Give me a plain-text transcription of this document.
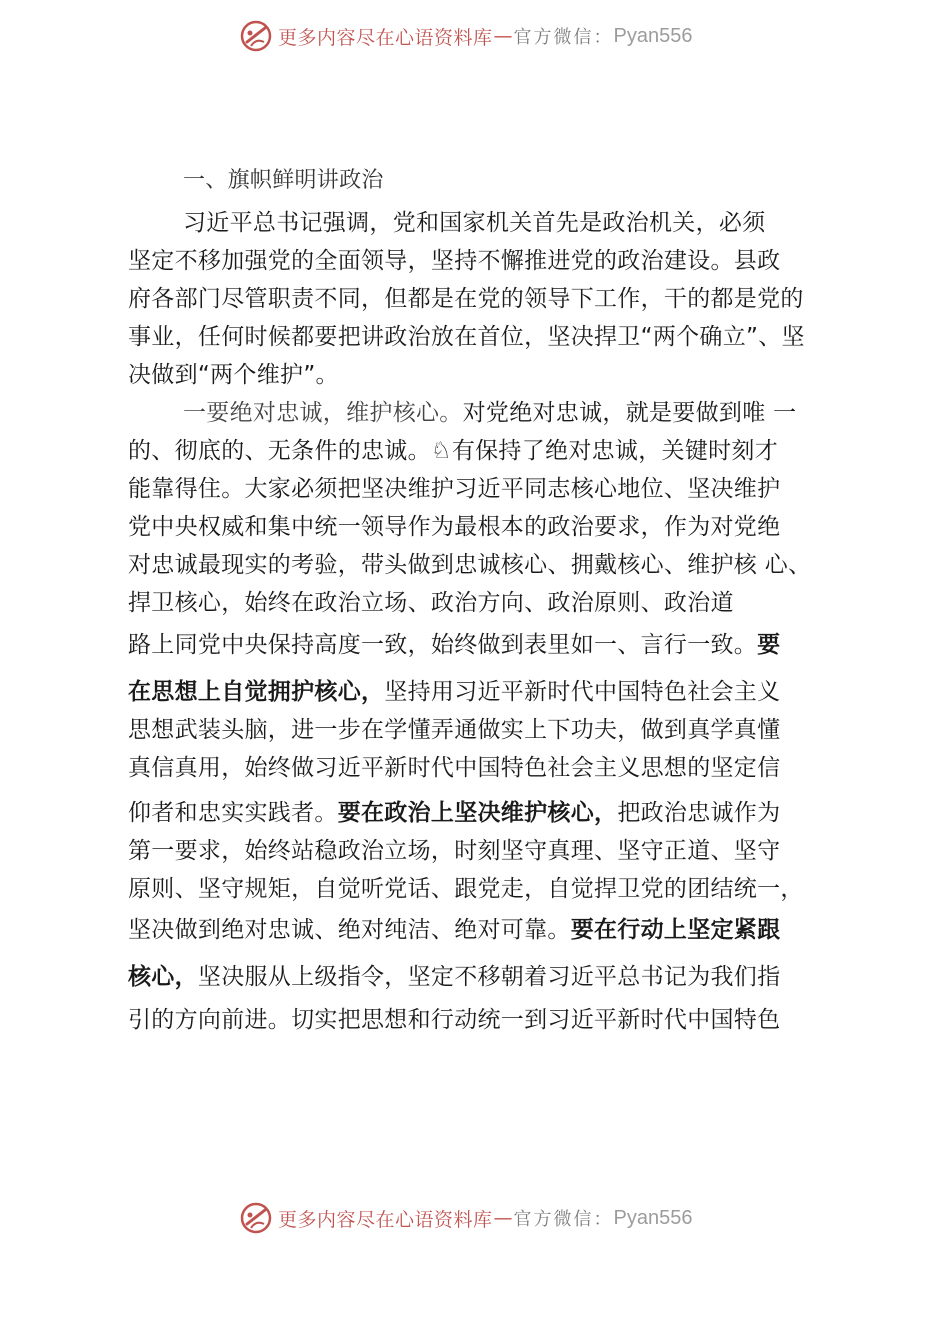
更多内容尽在心语资料库 — 官方微信： Pyan556
一、旗帜鲜明讲政治
习近平总书记强调，党和国家机关首先是政治机关，必须
坚定不移加强党的全面领导，坚持不懈推进党的政治建设。县政
府各部门尽管职责不同，但都是在党的领导下工作，干的都是党的
事业，任何时候都要把讲政治放在首位，坚决捍卫“两个确立”、坚
决做到“两个维护”。
一要绝对忠诚，维护核心。对党绝对忠诚，就是要做到唯 一
的、彻底的、无条件的忠诚。♘有保持了绝对忠诚，关键时刻才
能靠得住。大家必须把坚决维护习近平同志核心地位、坚决维护
党中央权威和集中统一领导作为最根本的政治要求，作为对党绝
对忠诚最现实的考验，带头做到忠诚核心、拥戴核心、维护核 心、
捍卫核心，始终在政治立场、政治方向、政治原则、政治道
路上同党中央保持高度一致，始终做到表里如一、言行一致。要
在思想上自觉拥护核心，坚持用习近平新时代中国特色社会主义
思想武装头脑，进一步在学懂弄通做实上下功夫，做到真学真懂
真信真用，始终做习近平新时代中国特色社会主义思想的坚定信
仰者和忠实实践者。要在政治上坚决维护核心，把政治忠诚作为
第一要求，始终站稳政治立场，时刻坚守真理、坚守正道、坚守
原则、坚守规矩，自觉听党话、跟党走，自觉捍卫党的团结统一，
坚决做到绝对忠诚、绝对纯洁、绝对可靠。要在行动上坚定紧跟
核心，坚决服从上级指令，坚定不移朝着习近平总书记为我们指
引的方向前进。切实把思想和行动统一到习近平新时代中国特色
更多内容尽在心语资料库 — 官方微信： Pyan556
